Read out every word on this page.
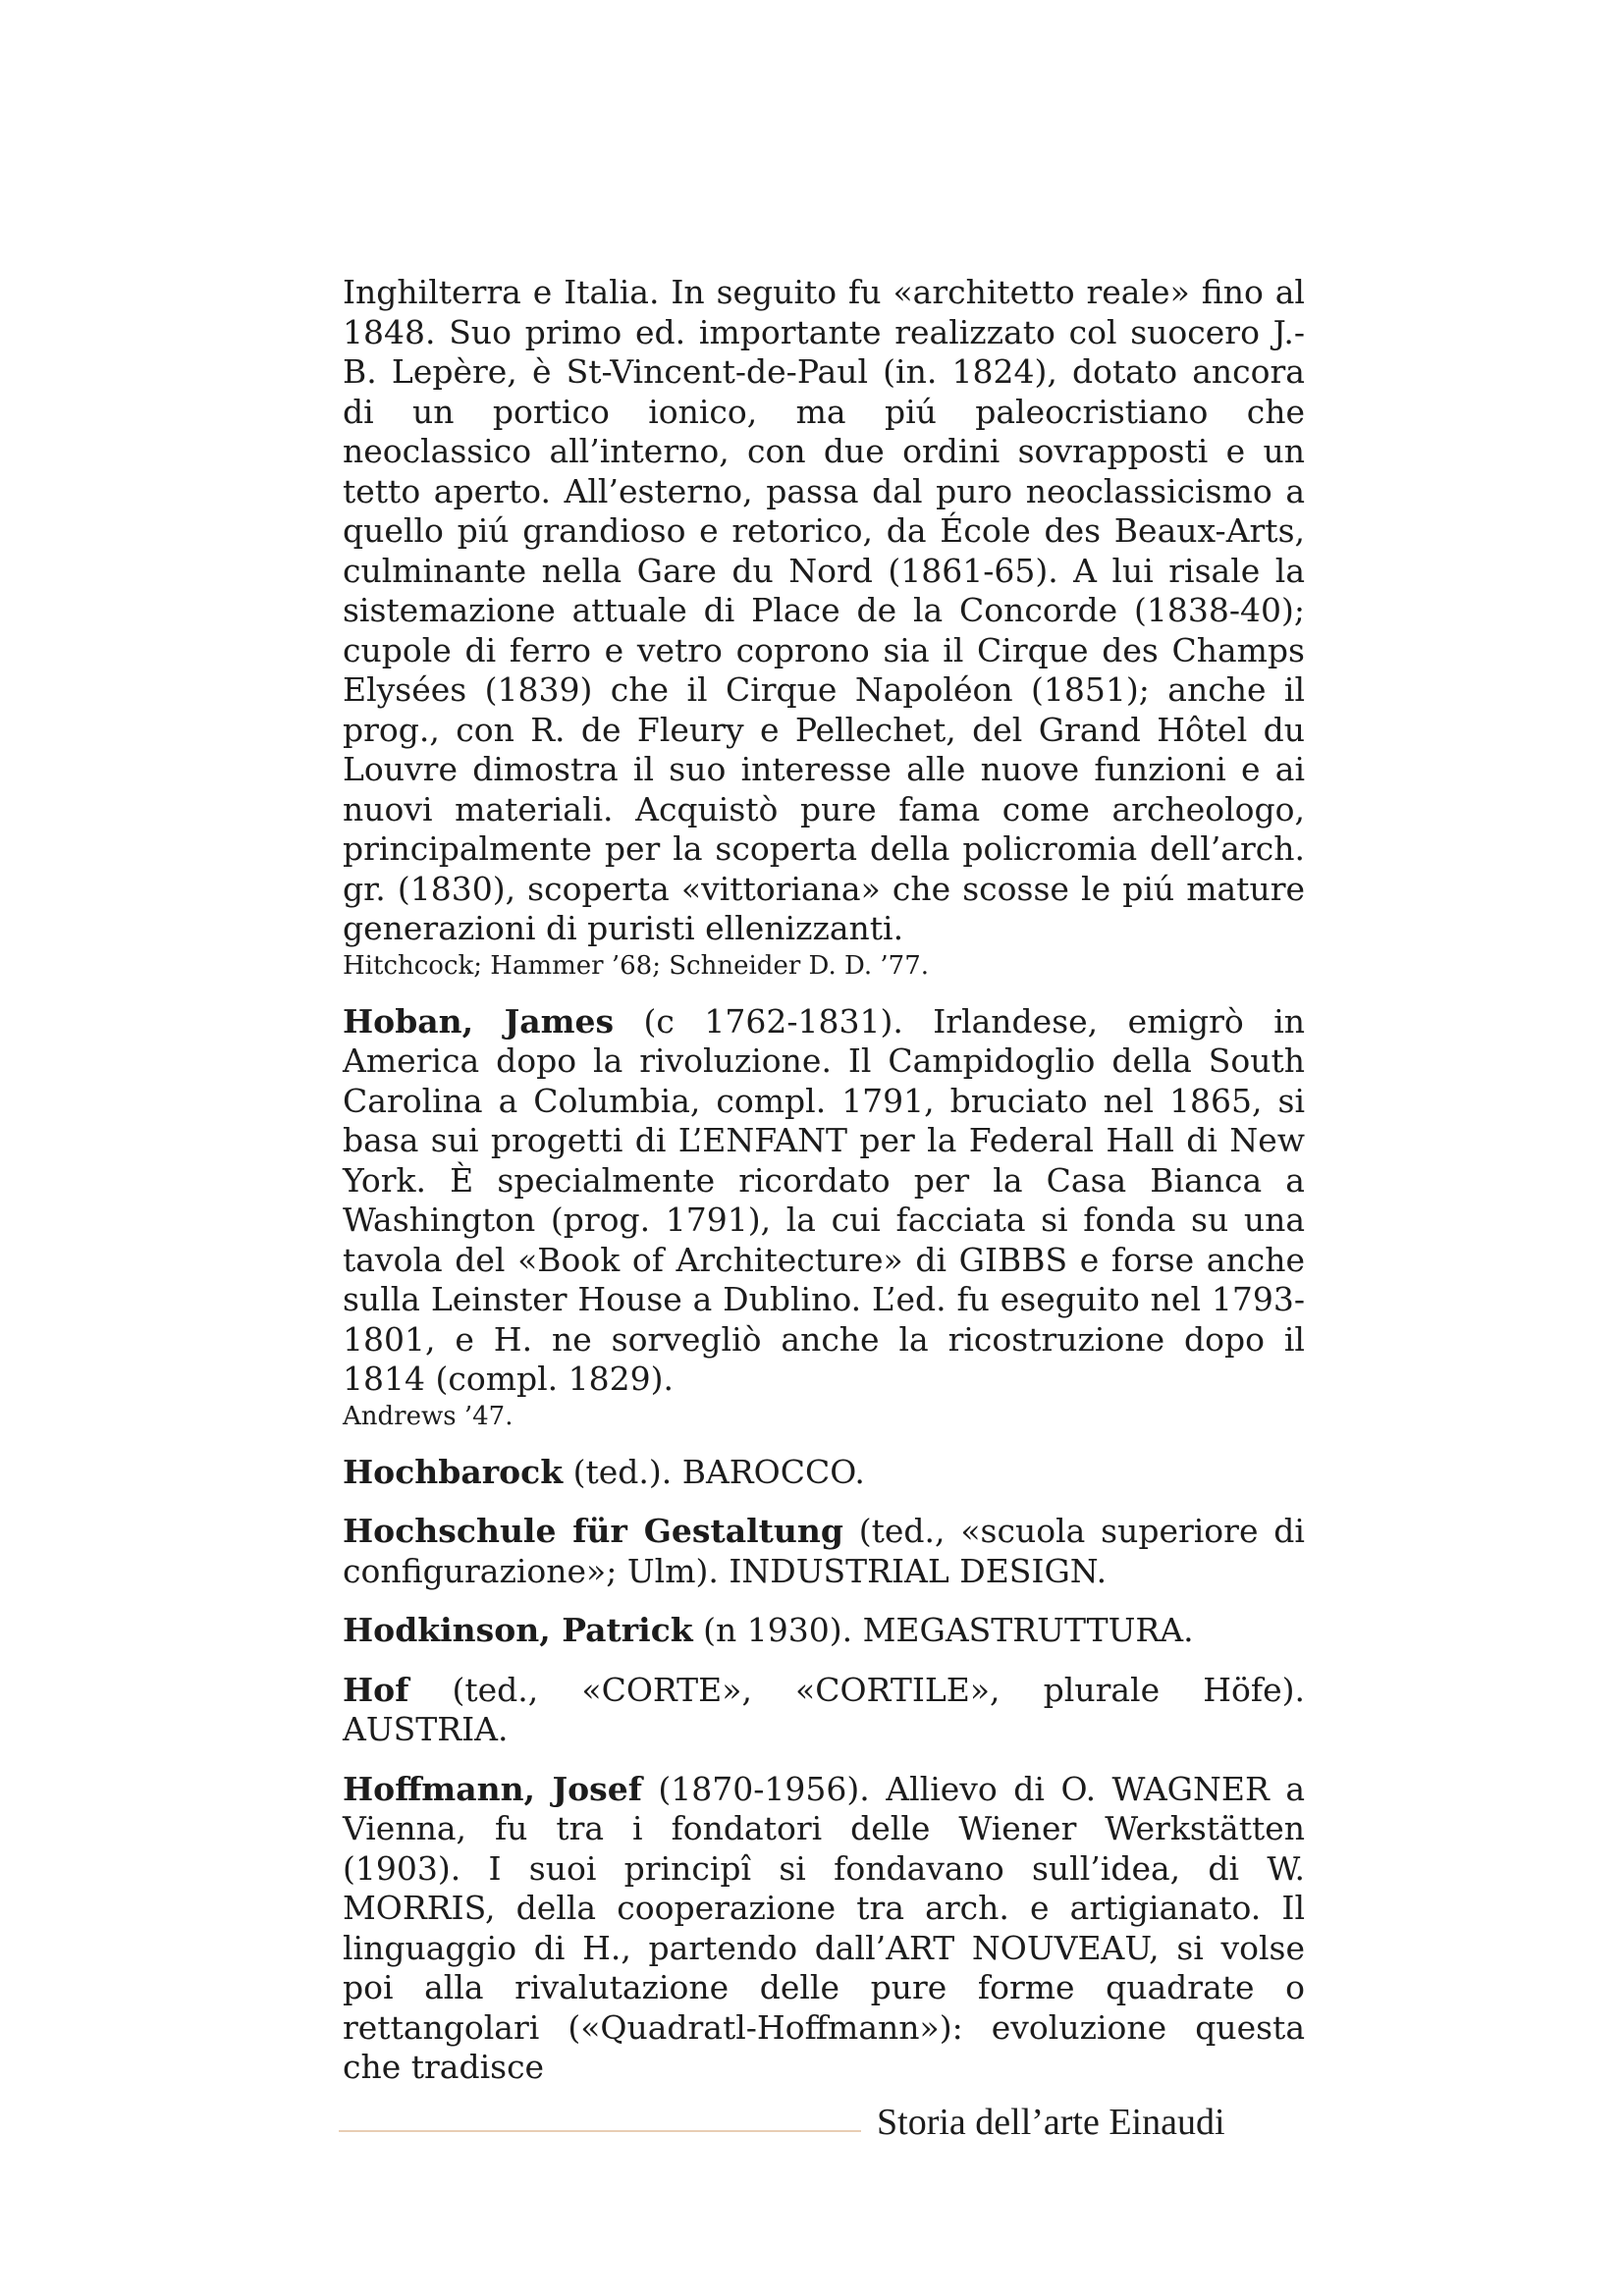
Inghilterra e Italia. In seguito fu «architetto reale» fino al 1848. Suo primo ed. importante realizzato col suocero J.-B. Lepère, è St-Vincent-de-Paul (in. 1824), dotato ancora di un portico ionico, ma piú paleocristiano che neoclassico all’interno, con due ordini sovrapposti e un tetto aperto. All’esterno, passa dal puro neoclassicismo a quello piú grandioso e retorico, da École des Beaux-Arts, culminante nella Gare du Nord (1861-65). A lui risale la sistemazione attuale di Place de la Concorde (1838-40); cupole di ferro e vetro coprono sia il Cirque des Champs Elysées (1839) che il Cirque Napoléon (1851); anche il prog., con R. de Fleury e Pellechet, del Grand Hôtel du Louvre dimostra il suo interesse alle nuove funzioni e ai nuovi materiali. Acquistò pure fama come archeologo, principalmente per la scoperta della policromia dell’arch. gr. (1830), scoperta «vittoriana» che scosse le piú mature generazioni di puristi ellenizzanti.

Hitchcock; Hammer ’68; Schneider D. D. ’77.

Hoban, James (c 1762-1831). Irlandese, emigrò in America dopo la rivoluzione. Il Campidoglio della South Carolina a Columbia, compl. 1791, bruciato nel 1865, si basa sui progetti di L’ENFANT per la Federal Hall di New York. È specialmente ricordato per la Casa Bianca a Washington (prog. 1791), la cui facciata si fonda su una tavola del «Book of Architecture» di GIBBS e forse anche sulla Leinster House a Dublino. L’ed. fu eseguito nel 1793-1801, e H. ne sorvegliò anche la ricostruzione dopo il 1814 (compl. 1829).

Andrews ’47.

Hochbarock (ted.). BAROCCO.

Hochschule für Gestaltung (ted., «scuola superiore di configurazione»; Ulm). INDUSTRIAL DESIGN.

Hodkinson, Patrick (n 1930). MEGASTRUTTURA.

Hof (ted., «CORTE», «CORTILE», plurale Höfe). AUSTRIA.

Hoffmann, Josef (1870-1956). Allievo di O. WAGNER a Vienna, fu tra i fondatori delle Wiener Werkstätten (1903). I suoi principî si fondavano sull’idea, di W. MORRIS, della cooperazione tra arch. e artigianato. Il linguaggio di H., partendo dall’ART NOUVEAU, si volse poi alla rivalutazione delle pure forme quadrate o rettangolari («Quadratl-Hoffmann»): evoluzione questa che tradisce

Storia dell’arte Einaudi
